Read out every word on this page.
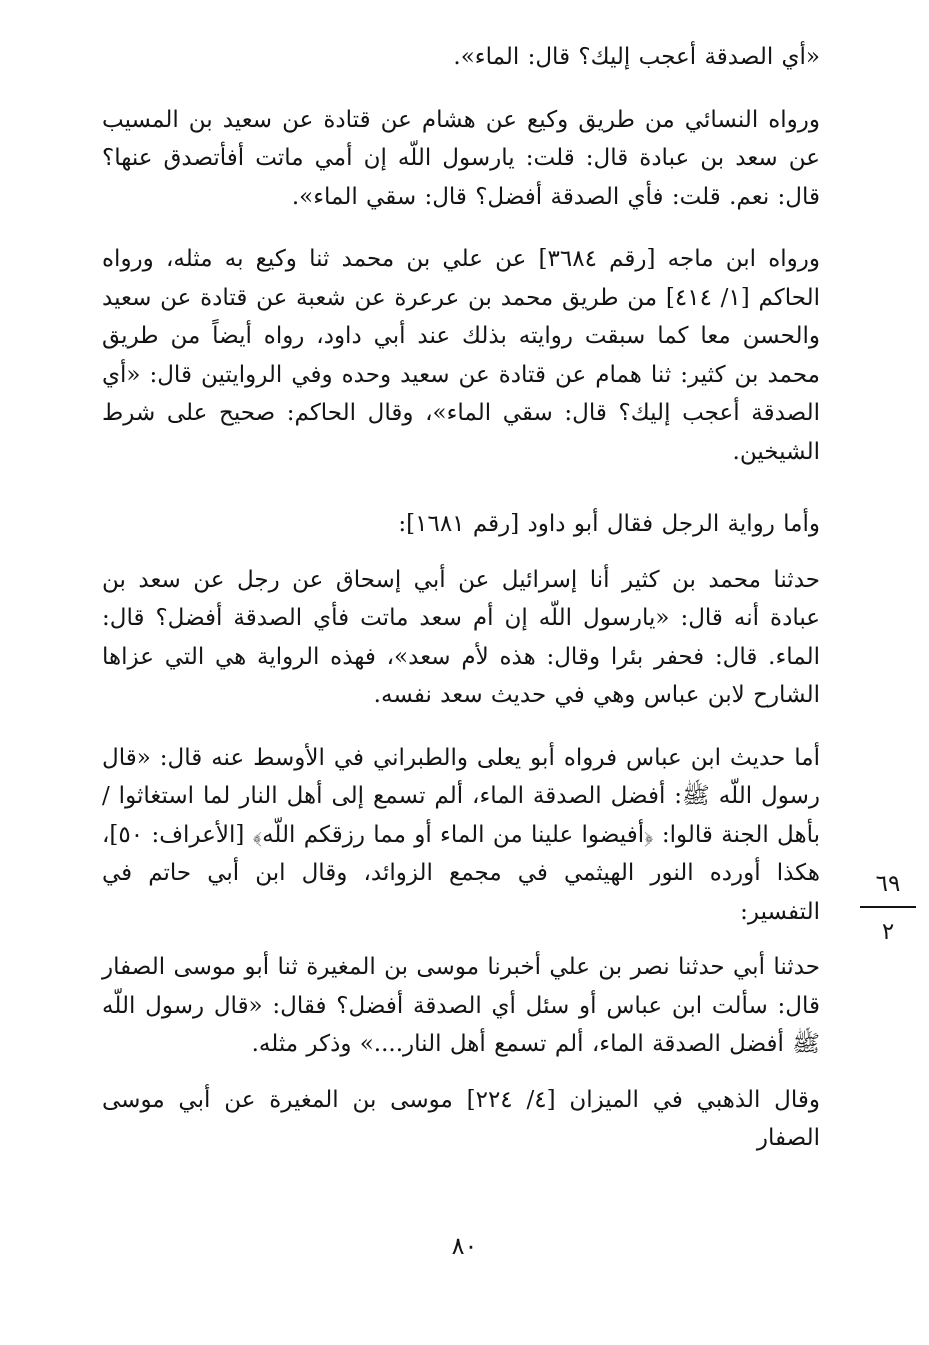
«أي الصدقة أعجب إليك؟ قال: الماء».

ورواه النسائي من طريق وكيع عن هشام عن قتادة عن سعيد بن المسيب عن سعد بن عبادة قال: قلت: يارسول اللّه إن أمي ماتت أفأتصدق عنها؟ قال: نعم. قلت: فأي الصدقة أفضل؟ قال: سقي الماء».

ورواه ابن ماجه [رقم ٣٦٨٤] عن علي بن محمد ثنا وكيع به مثله، ورواه الحاكم [١/ ٤١٤] من طريق محمد بن عرعرة عن شعبة عن قتادة عن سعيد والحسن معا كما سبقت روايته بذلك عند أبي داود، رواه أيضاً من طريق محمد بن كثير: ثنا همام عن قتادة عن سعيد وحده وفي الروايتين قال: «أي الصدقة أعجب إليك؟ قال: سقي الماء»، وقال الحاكم: صحيح على شرط الشيخين.

وأما رواية الرجل فقال أبو داود [رقم ١٦٨١]:

حدثنا محمد بن كثير أنا إسرائيل عن أبي إسحاق عن رجل عن سعد بن عبادة أنه قال: «يارسول اللّه إن أم سعد ماتت فأي الصدقة أفضل؟ قال: الماء. قال: فحفر بئرا وقال: هذه لأم سعد»، فهذه الرواية هي التي عزاها الشارح لابن عباس وهي في حديث سعد نفسه.

أما حديث ابن عباس فرواه أبو يعلى والطبراني في الأوسط عنه قال: «قال رسول اللّه ﷺ: أفضل الصدقة الماء، ألم تسمع إلى أهل النار لما استغاثوا /بأهل الجنة قالوا: ﴿أفيضوا علينا من الماء أو مما رزقكم اللّه﴾ [الأعراف: ٥٠]، هكذا أورده النور الهيثمي في مجمع الزوائد، وقال ابن أبي حاتم في التفسير:

حدثنا أبي حدثنا نصر بن علي أخبرنا موسى بن المغيرة ثنا أبو موسى الصفار قال: سألت ابن عباس أو سئل أي الصدقة أفضل؟ فقال: «قال رسول اللّه ﷺ أفضل الصدقة الماء، ألم تسمع أهل النار....» وذكر مثله.

وقال الذهبي في الميزان [٤/ ٢٢٤] موسى بن المغيرة عن أبي موسى الصفار

٦٩
٢
٨٠
